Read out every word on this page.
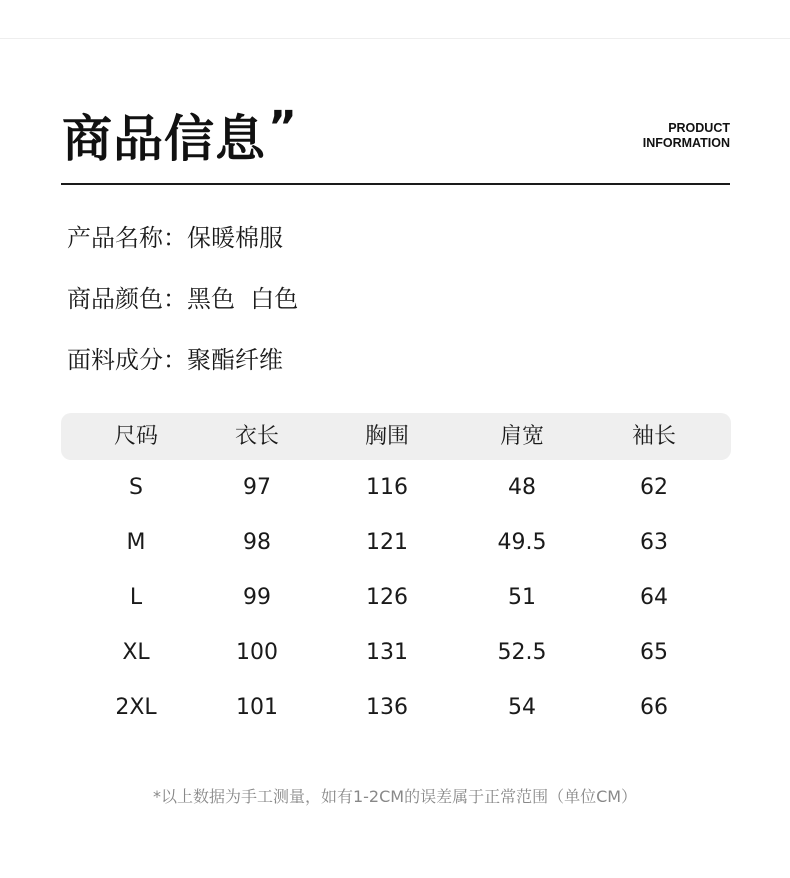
商品信息 ”	PRODUCT
INFORMATION
产品名称：保暖棉服
商品颜色：黑色  白色
面料成分：聚酯纤维
尺码	衣长	胸围	肩宽	袖长
S	97	116	48	62
M	98	121	49.5	63
L	99	126	51	64
XL	100	131	52.5	65
2XL	101	136	54	66
*以上数据为手工测量，如有1-2CM的误差属于正常范围（单位CM）
